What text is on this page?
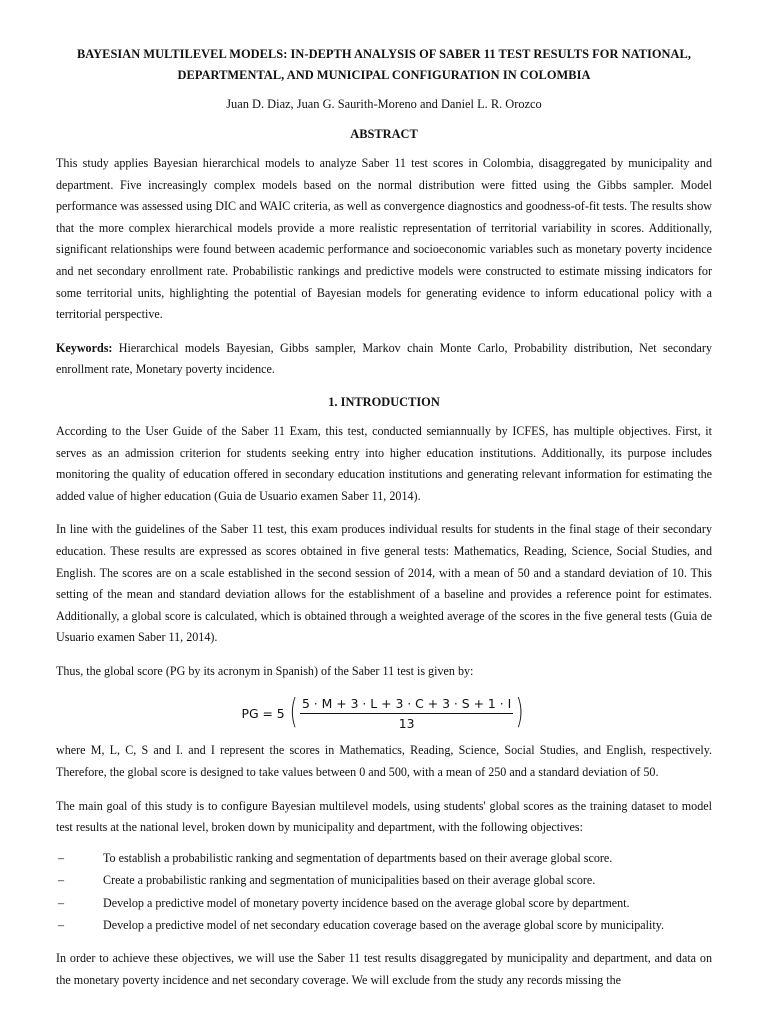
BAYESIAN MULTILEVEL MODELS: IN-DEPTH ANALYSIS OF SABER 11 TEST RESULTS FOR NATIONAL,
DEPARTMENTAL, AND MUNICIPAL CONFIGURATION IN COLOMBIA

Juan D. Diaz, Juan G. Saurith-Moreno and Daniel L. R. Orozco

ABSTRACT

This study applies Bayesian hierarchical models to analyze Saber 11 test scores in Colombia, disaggregated by municipality and department. Five increasingly complex models based on the normal distribution were fitted using the Gibbs sampler. Model performance was assessed using DIC and WAIC criteria, as well as convergence diagnostics and goodness-of-fit tests. The results show that the more complex hierarchical models provide a more realistic representation of territorial variability in scores. Additionally, significant relationships were found between academic performance and socioeconomic variables such as monetary poverty incidence and net secondary enrollment rate. Probabilistic rankings and predictive models were constructed to estimate missing indicators for some territorial units, highlighting the potential of Bayesian models for generating evidence to inform educational policy with a territorial perspective.

Keywords: Hierarchical models Bayesian, Gibbs sampler, Markov chain Monte Carlo, Probability distribution, Net secondary enrollment rate, Monetary poverty incidence.

1. INTRODUCTION

According to the User Guide of the Saber 11 Exam, this test, conducted semiannually by ICFES, has multiple objectives. First, it serves as an admission criterion for students seeking entry into higher education institutions. Additionally, its purpose includes monitoring the quality of education offered in secondary education institutions and generating relevant information for estimating the added value of higher education (Guia de Usuario examen Saber 11, 2014).

In line with the guidelines of the Saber 11 test, this exam produces individual results for students in the final stage of their secondary education. These results are expressed as scores obtained in five general tests: Mathematics, Reading, Science, Social Studies, and English. The scores are on a scale established in the second session of 2014, with a mean of 50 and a standard deviation of 10. This setting of the mean and standard deviation allows for the establishment of a baseline and provides a reference point for estimates. Additionally, a global score is calculated, which is obtained through a weighted average of the scores in the five general tests (Guia de Usuario examen Saber 11, 2014).

Thus, the global score (PG by its acronym in Spanish) of the Saber 11 test is given by:

PG = 5 ( $\frac{5 \cdot M + 3 \cdot L + 3 \cdot C + 3 \cdot S + 1 \cdot I}{13}$ )

where M, L, C, S and I. and I represent the scores in Mathematics, Reading, Science, Social Studies, and English, respectively. Therefore, the global score is designed to take values between 0 and 500, with a mean of 250 and a standard deviation of 50.

The main goal of this study is to configure Bayesian multilevel models, using students' global scores as the training dataset to model test results at the national level, broken down by municipality and department, with the following objectives:

–	To establish a probabilistic ranking and segmentation of departments based on their average global score.
–	Create a probabilistic ranking and segmentation of municipalities based on their average global score.
–	Develop a predictive model of monetary poverty incidence based on the average global score by department.
–	Develop a predictive model of net secondary education coverage based on the average global score by municipality.

In order to achieve these objectives, we will use the Saber 11 test results disaggregated by municipality and department, and data on the monetary poverty incidence and net secondary coverage. We will exclude from the study any records missing the
